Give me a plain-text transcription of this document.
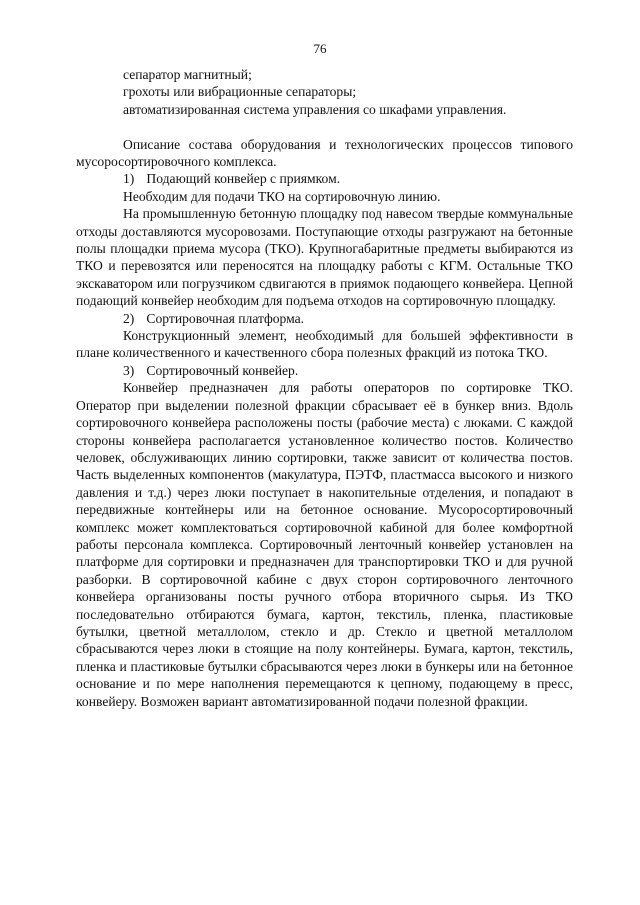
76

сепаратор магнитный;

грохоты или вибрационные сепараторы;

автоматизированная система управления со шкафами управления.

Описание состава оборудования и технологических процессов типового мусоросортировочного комплекса.

1) Подающий конвейер с приямком.

Необходим для подачи ТКО на сортировочную линию.

На промышленную бетонную площадку под навесом твердые коммунальные отходы доставляются мусоровозами. Поступающие отходы разгружают на бетонные полы площадки приема мусора (ТКО). Крупногабаритные предметы выбираются из ТКО и перевозятся или переносятся на площадку работы с КГМ. Остальные ТКО экскаватором или погрузчиком сдвигаются в приямок подающего конвейера. Цепной подающий конвейер необходим для подъема отходов на сортировочную площадку.

2) Сортировочная платформа.

Конструкционный элемент, необходимый для большей эффективности в плане количественного и качественного сбора полезных фракций из потока ТКО.

3) Сортировочный конвейер.

Конвейер предназначен для работы операторов по сортировке ТКО. Оператор при выделении полезной фракции сбрасывает её в бункер вниз. Вдоль сортировочного конвейера расположены посты (рабочие места) с люками. С каждой стороны конвейера располагается установленное количество постов. Количество человек, обслуживающих линию сортировки, также зависит от количества постов. Часть выделенных компонентов (макулатура, ПЭТФ, пластмасса высокого и низкого давления и т.д.) через люки поступает в накопительные отделения, и попадают в передвижные контейнеры или на бетонное основание. Мусоросортировочный комплекс может комплектоваться сортировочной кабиной для более комфортной работы персонала комплекса. Сортировочный ленточный конвейер установлен на платформе для сортировки и предназначен для транспортировки ТКО и для ручной разборки. В сортировочной кабине с двух сторон сортировочного ленточного конвейера организованы посты ручного отбора вторичного сырья. Из ТКО последовательно отбираются бумага, картон, текстиль, пленка, пластиковые бутылки, цветной металлолом, стекло и др. Стекло и цветной металлолом сбрасываются через люки в стоящие на полу контейнеры. Бумага, картон, текстиль, пленка и пластиковые бутылки сбрасываются через люки в бункеры или на бетонное основание и по мере наполнения перемещаются к цепному, подающему в пресс, конвейеру. Возможен вариант автоматизированной подачи полезной фракции.
